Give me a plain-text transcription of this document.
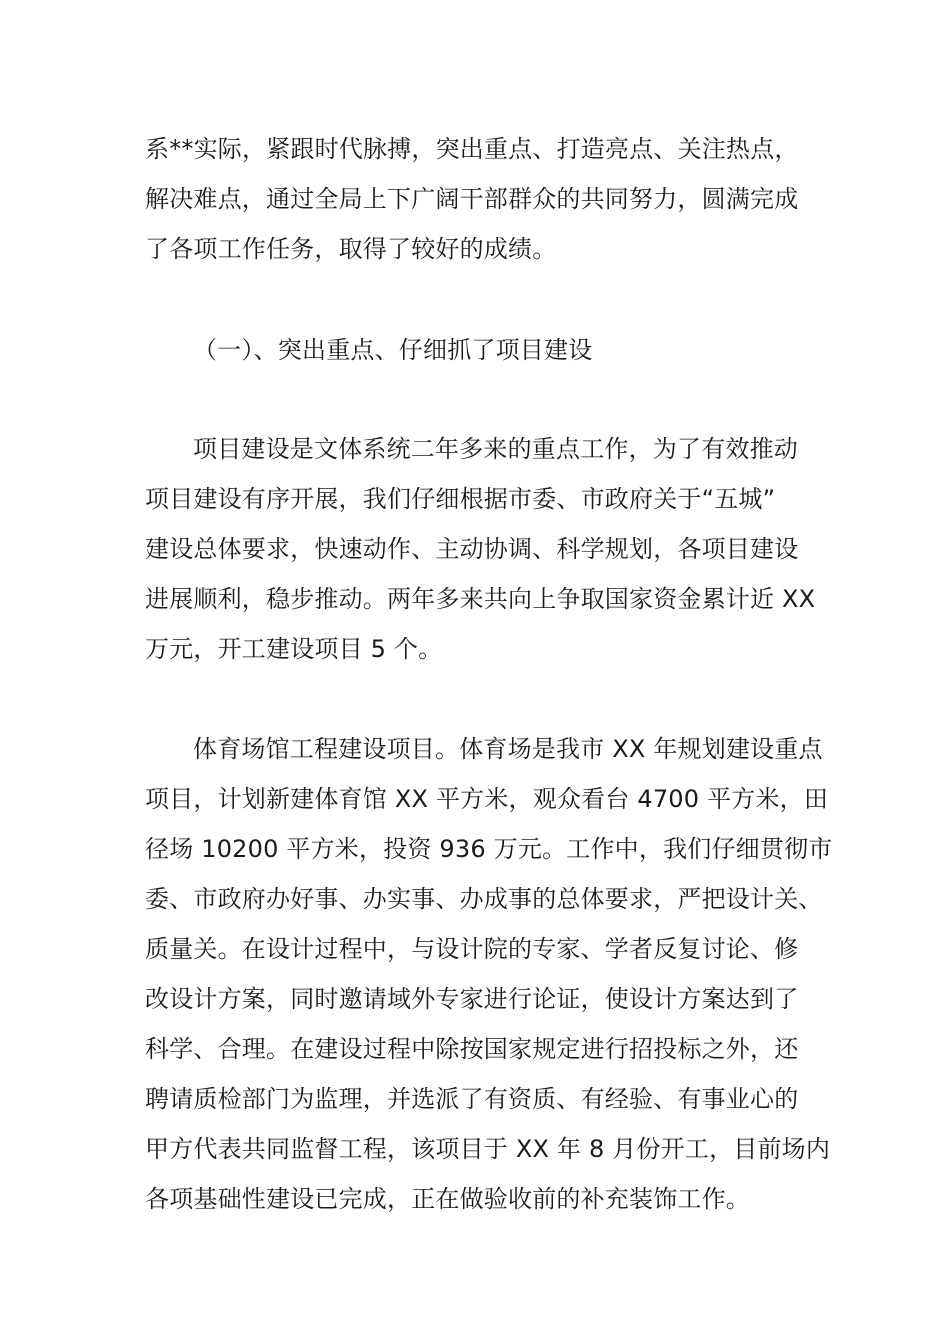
系**实际，紧跟时代脉搏，突出重点、打造亮点、关注热点，
解决难点，通过全局上下广阔干部群众的共同努力，圆满完成
了各项工作任务，取得了较好的成绩。
（一）、突出重点、仔细抓了项目建设
项目建设是文体系统二年多来的重点工作，为了有效推动
项目建设有序开展，我们仔细根据市委、市政府关于“五城”
建设总体要求，快速动作、主动协调、科学规划，各项目建设
进展顺利，稳步推动。两年多来共向上争取国家资金累计近 XX
万元，开工建设项目 5 个。
体育场馆工程建设项目。体育场是我市 XX 年规划建设重点
项目，计划新建体育馆 XX 平方米，观众看台 4700 平方米，田
径场 10200 平方米，投资 936 万元。工作中，我们仔细贯彻市
委、市政府办好事、办实事、办成事的总体要求，严把设计关、
质量关。在设计过程中，与设计院的专家、学者反复讨论、修
改设计方案，同时邀请域外专家进行论证，使设计方案达到了
科学、合理。在建设过程中除按国家规定进行招投标之外，还
聘请质检部门为监理，并选派了有资质、有经验、有事业心的
甲方代表共同监督工程，该项目于 XX 年 8 月份开工，目前场内
各项基础性建设已完成，正在做验收前的补充装饰工作。
